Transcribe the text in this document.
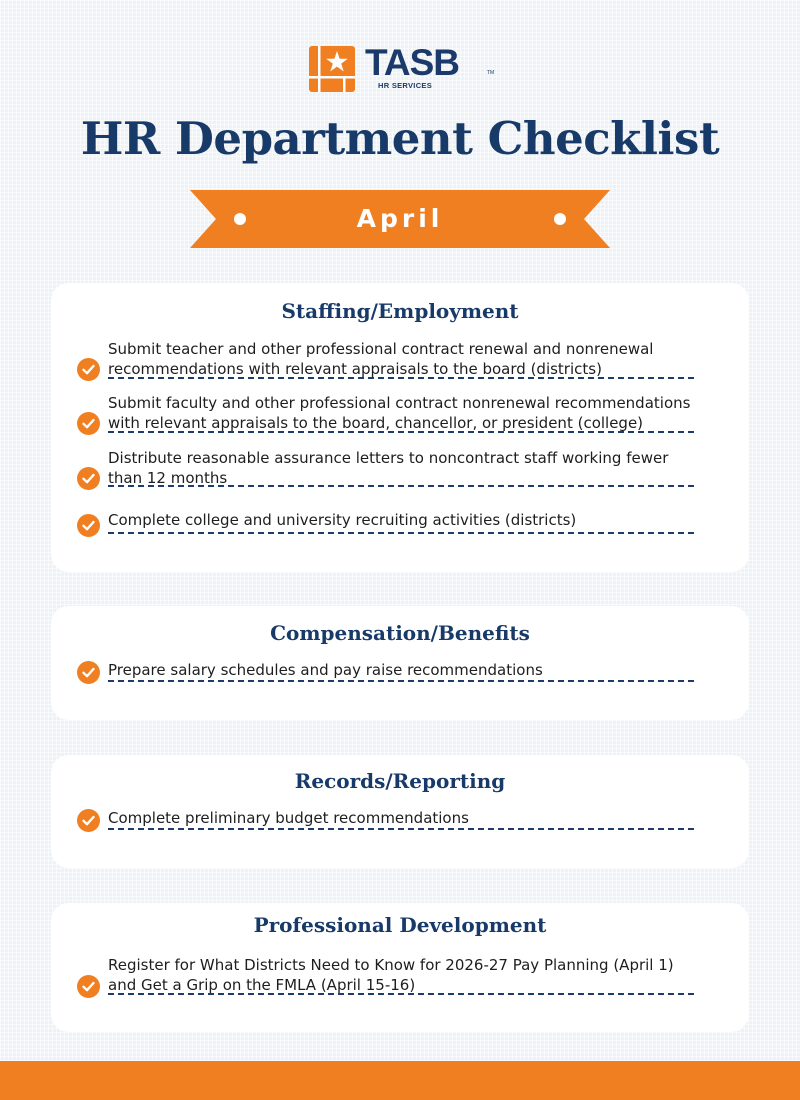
TASB	TM
HR SERVICES
HR Department Checklist
April
Staffing/Employment
Submit teacher and other professional contract renewal and nonrenewal
recommendations with relevant appraisals to the board (districts)
Submit faculty and other professional contract nonrenewal recommendations
with relevant appraisals to the board, chancellor, or president (college)
Distribute reasonable assurance letters to noncontract staff working fewer
than 12 months
Complete college and university recruiting activities (districts)
Compensation/Benefits
Prepare salary schedules and pay raise recommendations
Records/Reporting
Complete preliminary budget recommendations
Professional Development
Register for What Districts Need to Know for 2026-27 Pay Planning (April 1)
and Get a Grip on the FMLA (April 15-16)
